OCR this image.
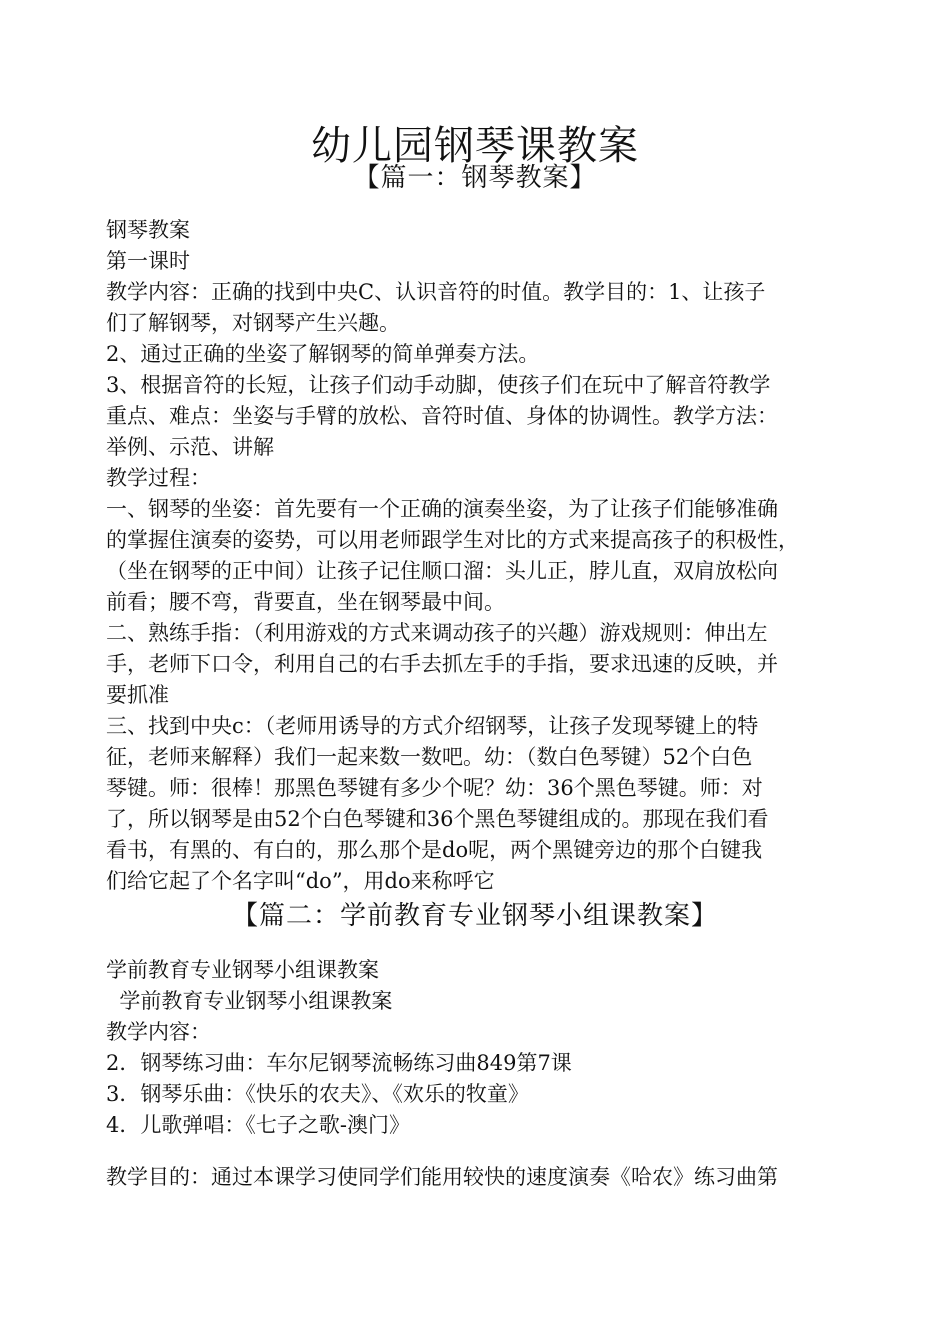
幼儿园钢琴课教案
【篇一：钢琴教案】
钢琴教案
第一课时
教学内容：正确的找到中央C、认识音符的时值。教学目的：1、让孩子
们了解钢琴，对钢琴产生兴趣。
2、通过正确的坐姿了解钢琴的简单弹奏方法。
3、根据音符的长短，让孩子们动手动脚，使孩子们在玩中了解音符教学
重点、难点：坐姿与手臂的放松、音符时值、身体的协调性。教学方法：
举例、示范、讲解
教学过程：
一、钢琴的坐姿：首先要有一个正确的演奏坐姿，为了让孩子们能够准确
的掌握住演奏的姿势，可以用老师跟学生对比的方式来提高孩子的积极性，
（坐在钢琴的正中间）让孩子记住顺口溜：头儿正，脖儿直，双肩放松向
前看；腰不弯，背要直，坐在钢琴最中间。
二、熟练手指：（利用游戏的方式来调动孩子的兴趣）游戏规则：伸出左
手，老师下口令，利用自己的右手去抓左手的手指，要求迅速的反映，并
要抓准
三、找到中央c：（老师用诱导的方式介绍钢琴，让孩子发现琴键上的特
征，老师来解释）我们一起来数一数吧。幼：（数白色琴键）52个白色
琴键。师：很棒！那黑色琴键有多少个呢？幼：36个黑色琴键。师：对
了，所以钢琴是由52个白色琴键和36个黑色琴键组成的。那现在我们看
看书，有黑的、有白的，那么那个是do呢，两个黑键旁边的那个白键我
们给它起了个名字叫“do”，用do来称呼它
【篇二：学前教育专业钢琴小组课教案】
学前教育专业钢琴小组课教案
学前教育专业钢琴小组课教案
教学内容：
2．钢琴练习曲：车尔尼钢琴流畅练习曲849第7课
3．钢琴乐曲：《快乐的农夫》、《欢乐的牧童》
4．儿歌弹唱：《七子之歌-澳门》
教学目的：通过本课学习使同学们能用较快的速度演奏《哈农》练习曲第
